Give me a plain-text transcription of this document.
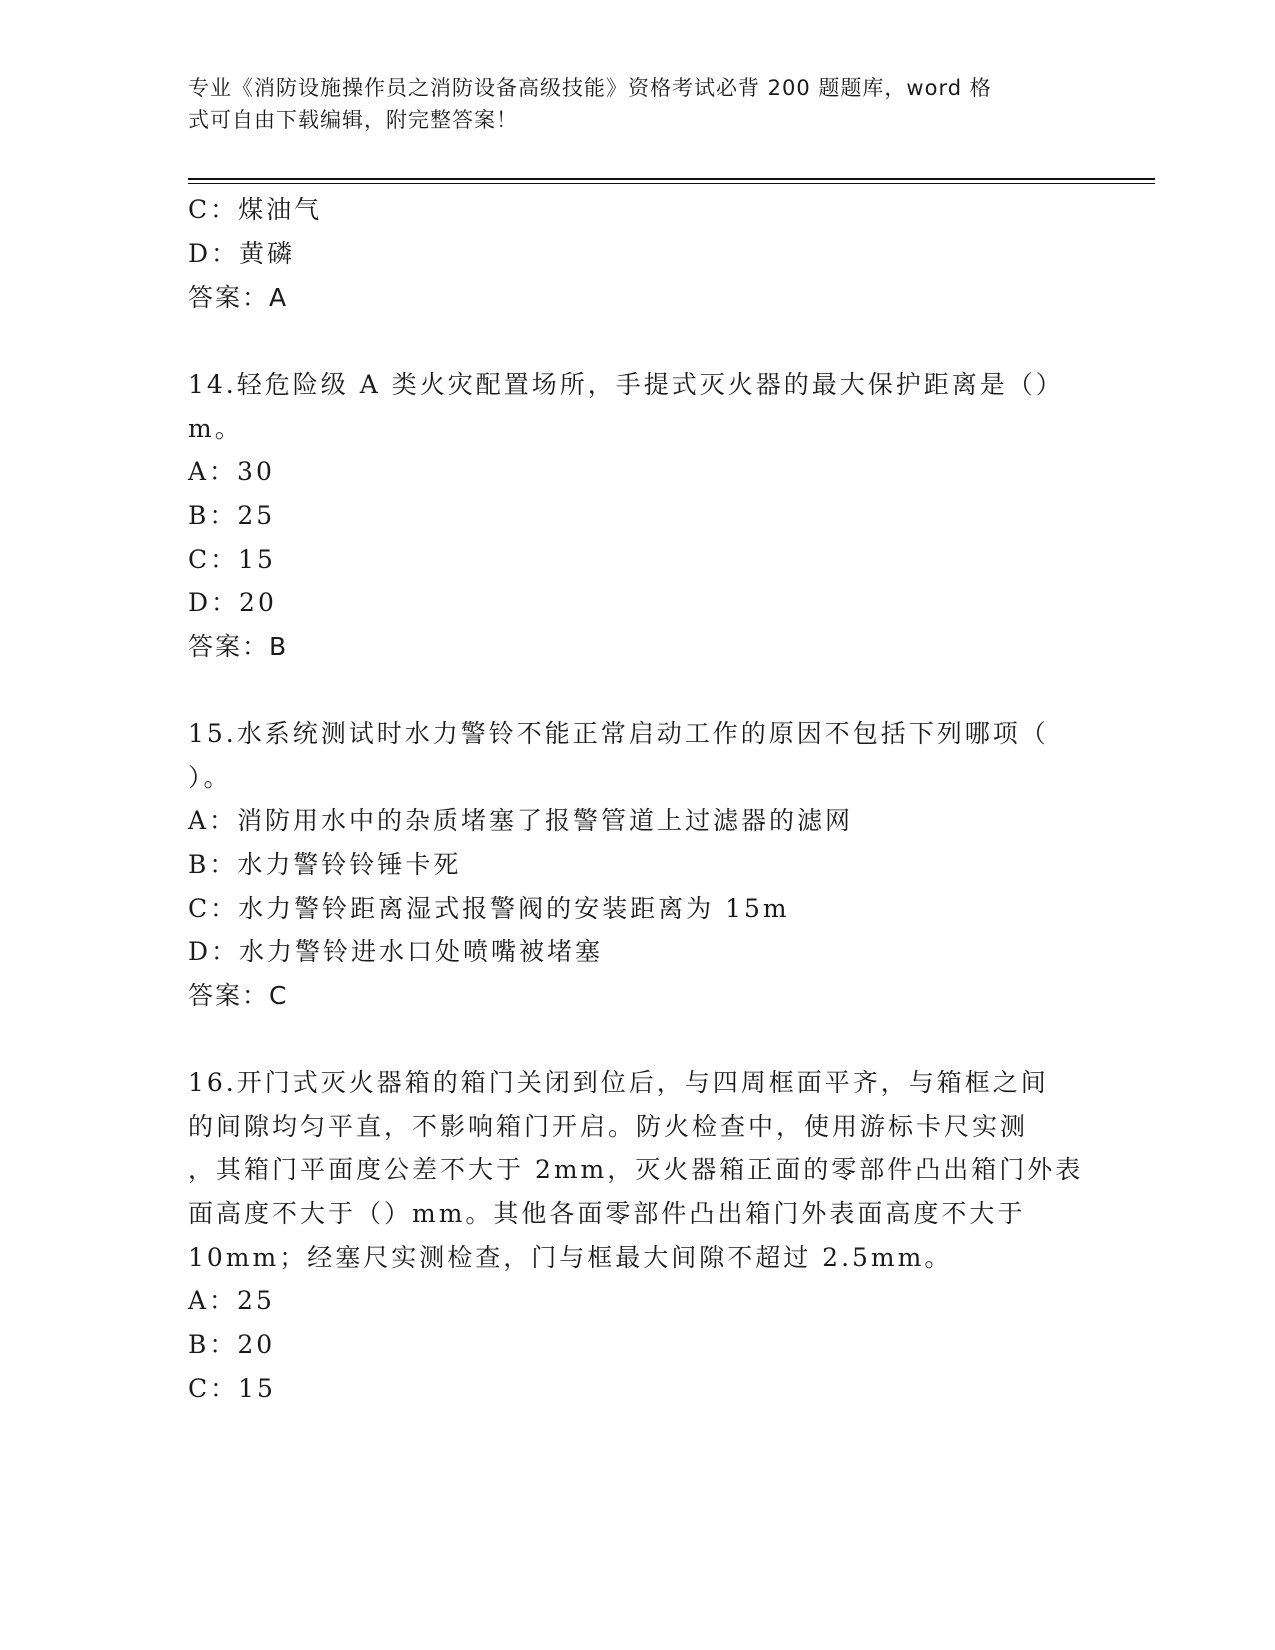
专业《消防设施操作员之消防设备高级技能》资格考试必背 200 题题库，word 格
式可自由下载编辑，附完整答案！
C：煤油气
D：黄磷
答案：A
14.轻危险级 A 类火灾配置场所，手提式灭火器的最大保护距离是（）
m。
A：30
B：25
C：15
D：20
答案：B
15.水系统测试时水力警铃不能正常启动工作的原因不包括下列哪项（
）。
A：消防用水中的杂质堵塞了报警管道上过滤器的滤网
B：水力警铃铃锤卡死
C：水力警铃距离湿式报警阀的安装距离为 15m
D：水力警铃进水口处喷嘴被堵塞
答案：C
16.开门式灭火器箱的箱门关闭到位后，与四周框面平齐，与箱框之间
的间隙均匀平直，不影响箱门开启。防火检查中，使用游标卡尺实测
，其箱门平面度公差不大于 2mm，灭火器箱正面的零部件凸出箱门外表
面高度不大于（）mm。其他各面零部件凸出箱门外表面高度不大于
10mm；经塞尺实测检查，门与框最大间隙不超过 2.5mm。
A：25
B：20
C：15
